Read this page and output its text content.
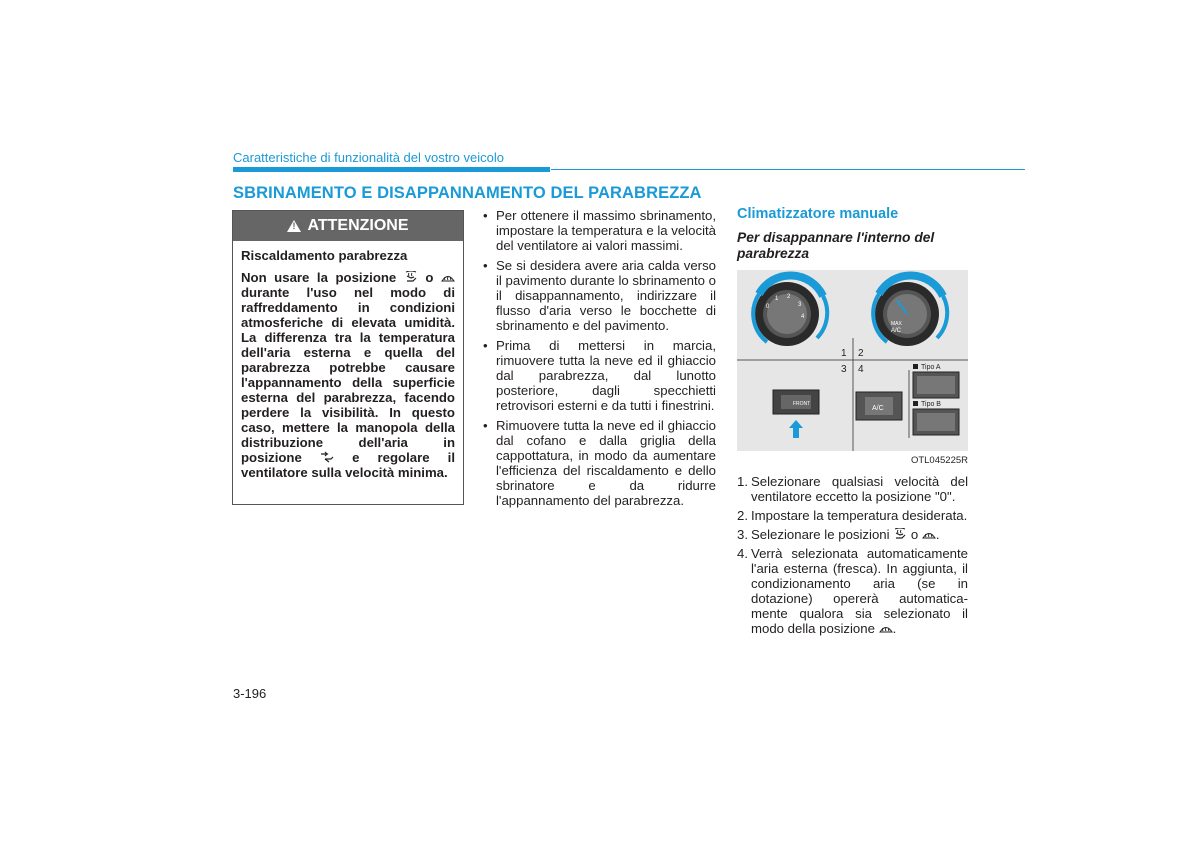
Caratteristiche di funzionalità del vostro veicolo
SBRINAMENTO E DISAPPANNAMENTO DEL PARABREZZA
!
ATTENZIONE

Riscaldamento parabrezza

Non usare la posizione o  durante l'uso nel modo di raffreddamento in condizioni atmosferiche di elevata umidità. La differenza tra la temperatura dell'aria esterna e quella del parabrezza potrebbe causare l'appannamento della superficie esterna del parabrezza, facendo perdere la visibilità. In questo caso, mettere la manopola della distribuzione dell'aria in posizione	e regolare il ventilatore sulla velocità minima.

• Per ottenere il massimo sbrinamento, impostare la temperatura e la velocità del ventilatore ai valori massimi.
• Se si desidera avere aria calda verso il pavimento durante lo sbrinamento o il disappannamento, indirizzare il flusso d'aria verso le bocchette di sbrinamento e del pavimento.
• Prima di mettersi in marcia, rimuovere tutta la neve ed il ghiaccio dal parabrezza, dal lunotto posteriore, dagli specchietti retrovisori esterni e da tutti i finestrini.
• Rimuovere tutta la neve ed il ghiaccio dal cofano e dalla griglia della cappottatura, in modo da aumentare l'efficienza del riscaldamento e dello sbrinatore e da ridurre l'appannamento del parabrezza.

Climatizzatore manuale

Per disappannare l'interno del parabrezza

0
1 2
3
4
MAX
A/C
1 2
3 4
FRONT
A/C
Tipo A
Tipo B
OTL045225R
1. Selezionare qualsiasi velocità del ventilatore eccetto la posizione "0".
2. Impostare la temperatura desiderata.
3. Selezionare le posizioni o .
4. Verrà selezionata automaticamente l'aria esterna (fresca). In aggiunta, il condizionamento aria (se in dotazione) opererà automatica-mente qualora sia selezionato il modo della posizione .
3-196
